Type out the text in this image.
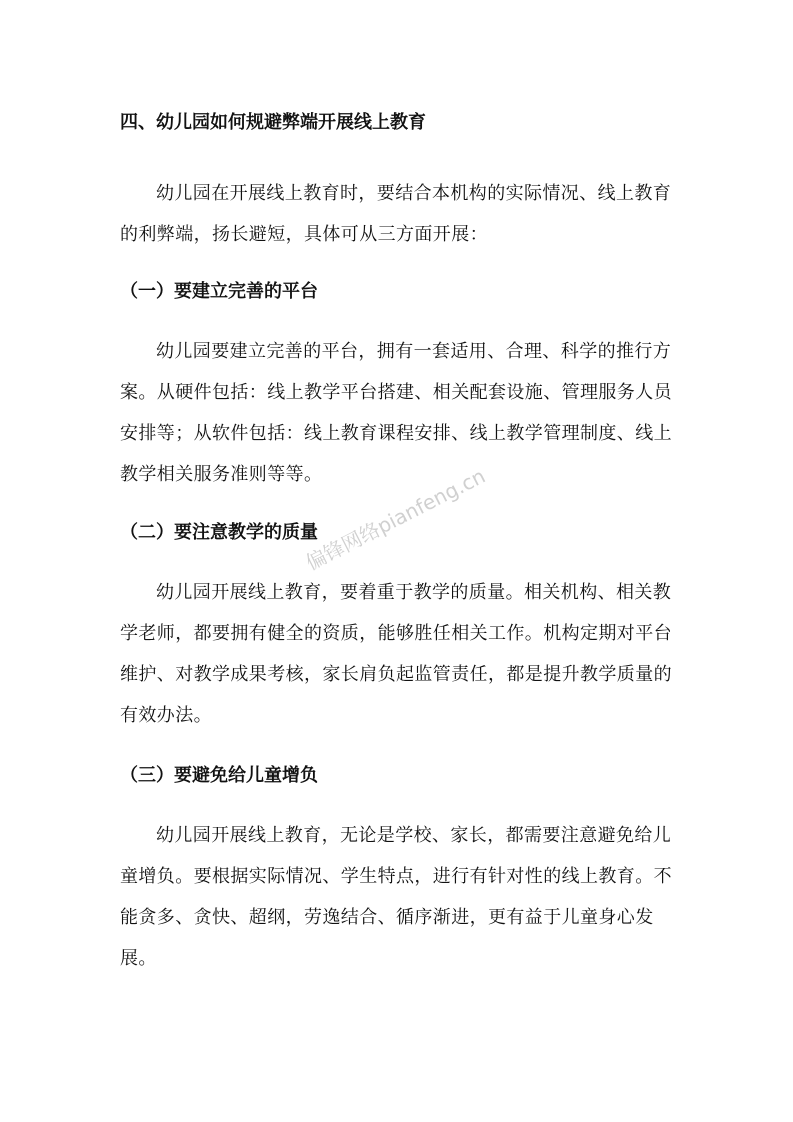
四、幼儿园如何规避弊端开展线上教育

幼儿园在开展线上教育时，要结合本机构的实际情况、线上教育的利弊端，扬长避短，具体可从三方面开展：

（一）要建立完善的平台

幼儿园要建立完善的平台，拥有一套适用、合理、科学的推行方案。从硬件包括：线上教学平台搭建、相关配套设施、管理服务人员安排等；从软件包括：线上教育课程安排、线上教学管理制度、线上教学相关服务准则等等。

（二）要注意教学的质量

幼儿园开展线上教育，要着重于教学的质量。相关机构、相关教学老师，都要拥有健全的资质，能够胜任相关工作。机构定期对平台维护、对教学成果考核，家长肩负起监管责任，都是提升教学质量的有效办法。

（三）要避免给儿童增负

幼儿园开展线上教育，无论是学校、家长，都需要注意避免给儿童增负。要根据实际情况、学生特点，进行有针对性的线上教育。不能贪多、贪快、超纲，劳逸结合、循序渐进，更有益于儿童身心发展。

偏锋网络pianfeng.cn
